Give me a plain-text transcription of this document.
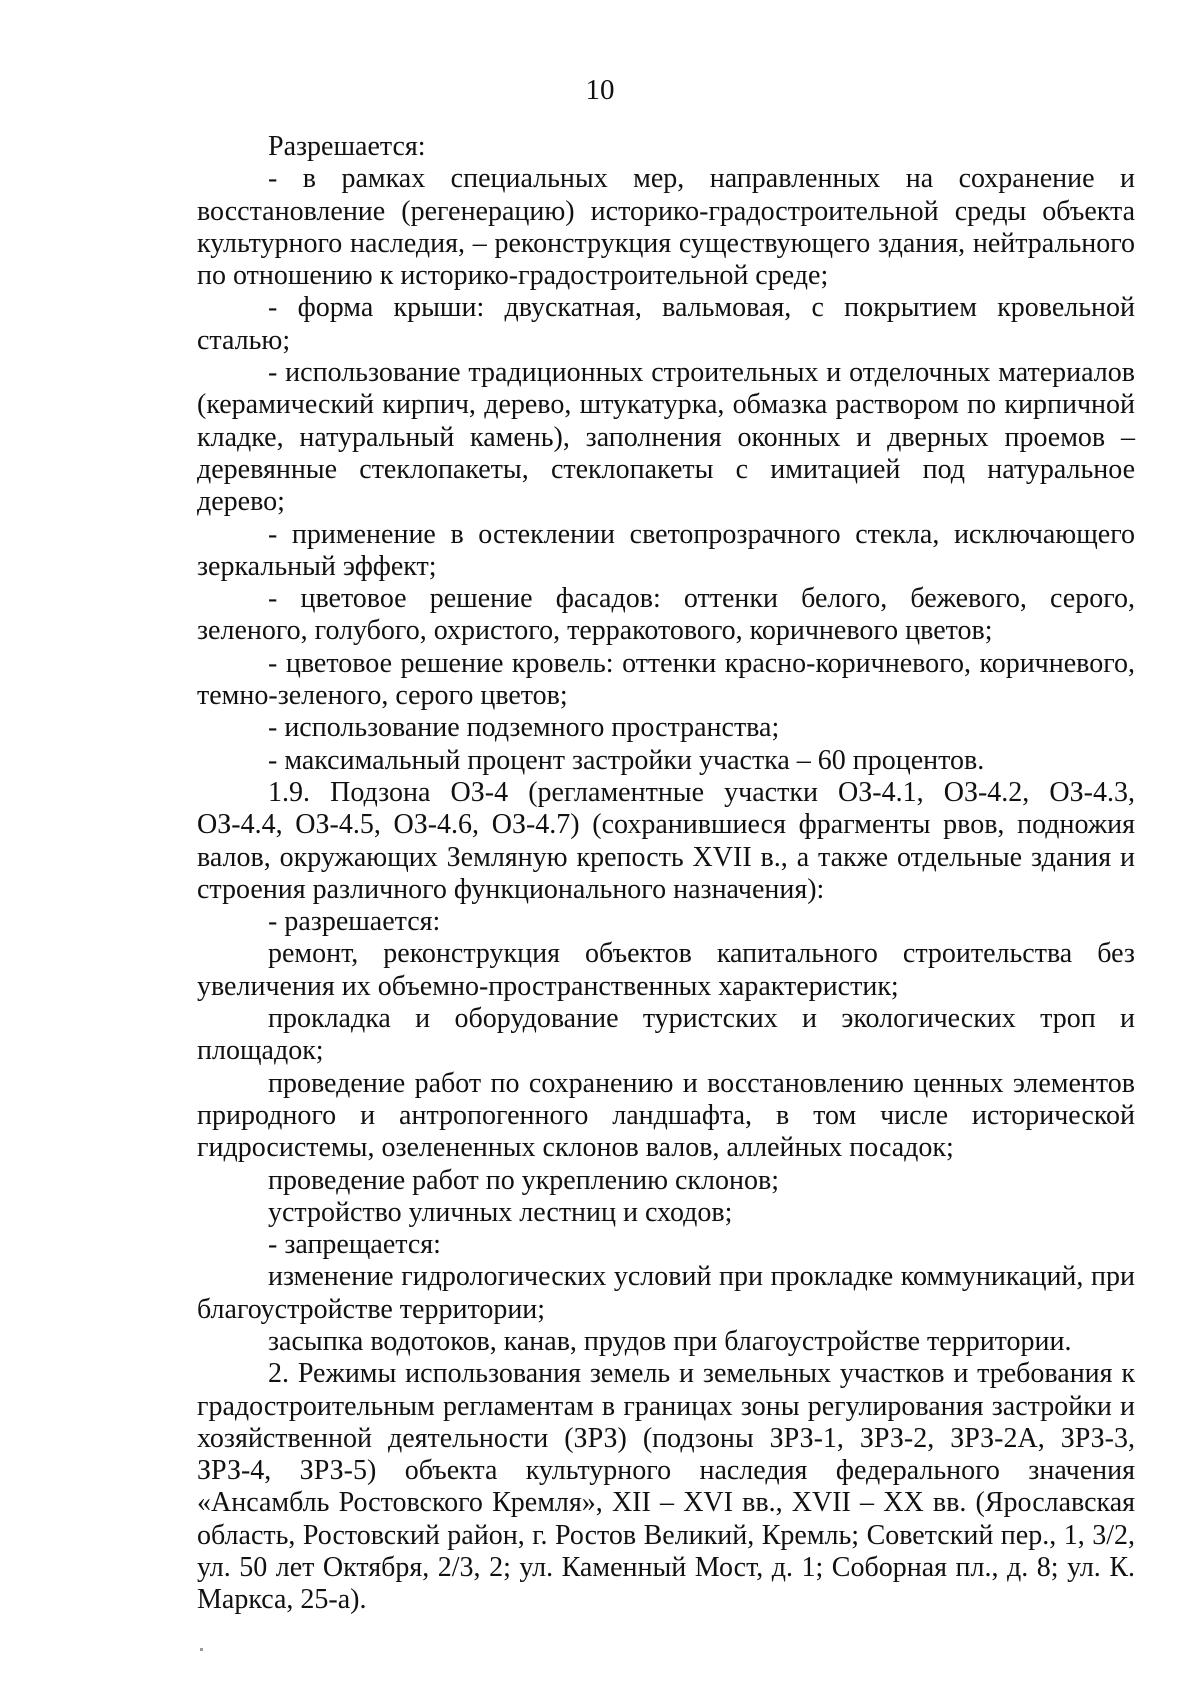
10

Разрешается:

- в рамках специальных мер, направленных на сохранение и восстановление (регенерацию) историко-градостроительной среды объекта культурного наследия, – реконструкция существующего здания, нейтрального по отношению к историко-градостроительной среде;

- форма крыши: двускатная, вальмовая, с покрытием кровельной сталью;

- использование традиционных строительных и отделочных материалов (керамический кирпич, дерево, штукатурка, обмазка раствором по кирпичной кладке, натуральный камень), заполнения оконных и дверных проемов – деревянные стеклопакеты, стеклопакеты с имитацией под натуральное дерево;

- применение в остеклении светопрозрачного стекла, исключающего зеркальный эффект;

- цветовое решение фасадов: оттенки белого, бежевого, серого, зеленого, голубого, охристого, терракотового, коричневого цветов;

- цветовое решение кровель: оттенки красно-коричневого, коричневого, темно-зеленого, серого цветов;

- использование подземного пространства;

- максимальный процент застройки участка – 60 процентов.

1.9. Подзона ОЗ-4 (регламентные участки ОЗ-4.1, ОЗ-4.2, ОЗ-4.3, ОЗ-4.4, ОЗ-4.5, ОЗ-4.6, ОЗ-4.7) (сохранившиеся фрагменты рвов, подножия валов, окружающих Земляную крепость XVII в., а также отдельные здания и строения различного функционального назначения):

- разрешается:

ремонт, реконструкция объектов капитального строительства без увеличения их объемно-пространственных характеристик;

прокладка и оборудование туристских и экологических троп и площадок;

проведение работ по сохранению и восстановлению ценных элементов природного и антропогенного ландшафта, в том числе исторической гидросистемы, озелененных склонов валов, аллейных посадок;

проведение работ по укреплению склонов;

устройство уличных лестниц и сходов;

- запрещается:

изменение гидрологических условий при прокладке коммуникаций, при благоустройстве территории;

засыпка водотоков, канав, прудов при благоустройстве территории.

2. Режимы использования земель и земельных участков и требования к градостроительным регламентам в границах зоны регулирования застройки и хозяйственной деятельности (ЗРЗ) (подзоны ЗРЗ-1, ЗРЗ-2, ЗРЗ-2А, ЗРЗ-3, ЗРЗ-4, ЗРЗ-5) объекта культурного наследия федерального значения «Ансамбль Ростовского Кремля», XII – XVI вв., XVII – XX вв. (Ярославская область, Ростовский район, г. Ростов Великий, Кремль; Советский пер., 1, 3/2, ул. 50 лет Октября, 2/3, 2; ул. Каменный Мост, д. 1; Соборная пл., д. 8; ул. К. Маркса, 25-а).
